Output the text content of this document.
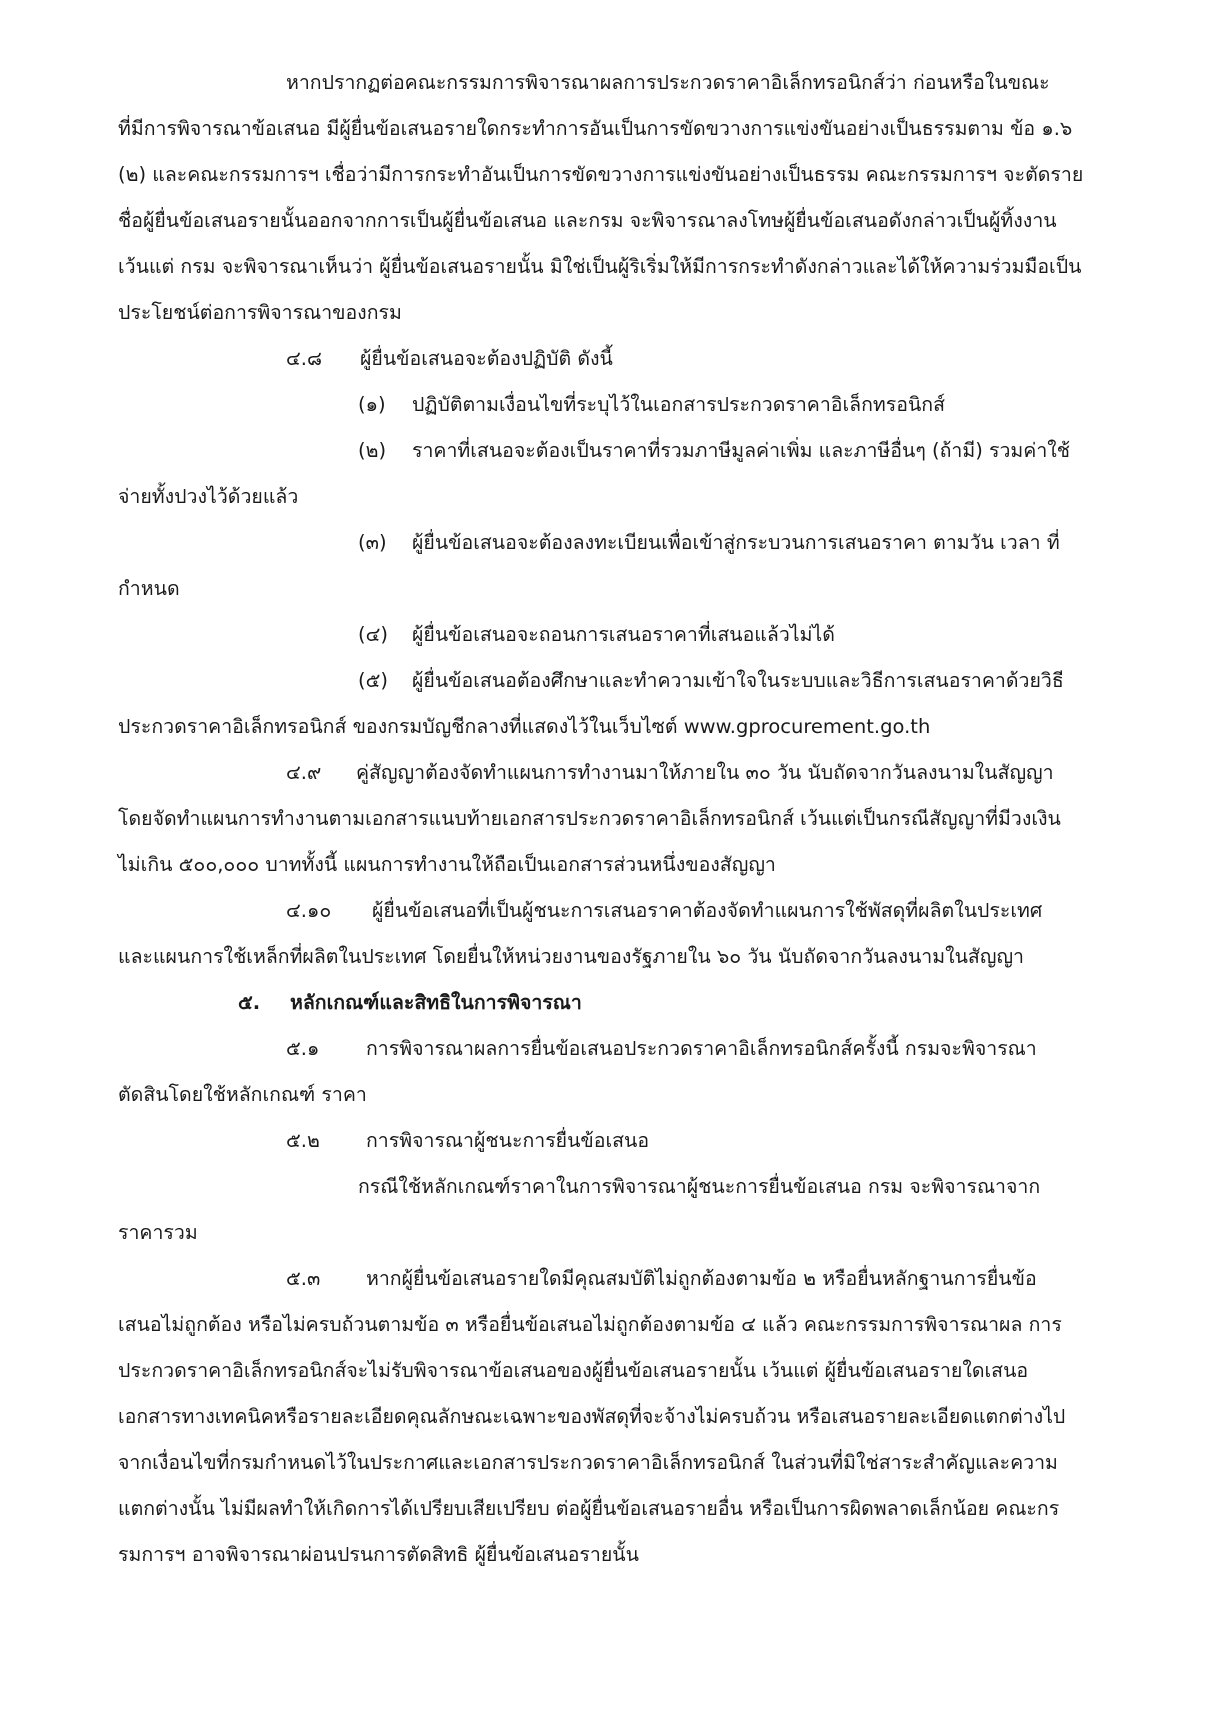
หากปรากฏต่อคณะกรรมการพิจารณาผลการประกวดราคาอิเล็กทรอนิกส์ว่า ก่อนหรือในขณะ
ที่มีการพิจารณาข้อเสนอ มีผู้ยื่นข้อเสนอรายใดกระทำการอันเป็นการขัดขวางการแข่งขันอย่างเป็นธรรมตาม ข้อ ๑.๖
(๒) และคณะกรรมการฯ เชื่อว่ามีการกระทำอันเป็นการขัดขวางการแข่งขันอย่างเป็นธรรม คณะกรรมการฯ จะตัดราย
ชื่อผู้ยื่นข้อเสนอรายนั้นออกจากการเป็นผู้ยื่นข้อเสนอ และกรม จะพิจารณาลงโทษผู้ยื่นข้อเสนอดังกล่าวเป็นผู้ทิ้งงาน
เว้นแต่ กรม จะพิจารณาเห็นว่า ผู้ยื่นข้อเสนอรายนั้น มิใช่เป็นผู้ริเริ่มให้มีการกระทำดังกล่าวและได้ให้ความร่วมมือเป็น
ประโยชน์ต่อการพิจารณาของกรม
๔.๘ ผู้ยื่นข้อเสนอจะต้องปฏิบัติ ดังนี้
(๑) ปฏิบัติตามเงื่อนไขที่ระบุไว้ในเอกสารประกวดราคาอิเล็กทรอนิกส์
(๒) ราคาที่เสนอจะต้องเป็นราคาที่รวมภาษีมูลค่าเพิ่ม และภาษีอื่นๆ (ถ้ามี) รวมค่าใช้
จ่ายทั้งปวงไว้ด้วยแล้ว
(๓) ผู้ยื่นข้อเสนอจะต้องลงทะเบียนเพื่อเข้าสู่กระบวนการเสนอราคา ตามวัน เวลา ที่
กำหนด
(๔) ผู้ยื่นข้อเสนอจะถอนการเสนอราคาที่เสนอแล้วไม่ได้
(๕) ผู้ยื่นข้อเสนอต้องศึกษาและทำความเข้าใจในระบบและวิธีการเสนอราคาด้วยวิธี
ประกวดราคาอิเล็กทรอนิกส์ ของกรมบัญชีกลางที่แสดงไว้ในเว็บไซต์ www.gprocurement.go.th
๔.๙ คู่สัญญาต้องจัดทำแผนการทำงานมาให้ภายใน ๓๐ วัน นับถัดจากวันลงนามในสัญญา
โดยจัดทำแผนการทำงานตามเอกสารแนบท้ายเอกสารประกวดราคาอิเล็กทรอนิกส์ เว้นแต่เป็นกรณีสัญญาที่มีวงเงิน
ไม่เกิน ๕๐๐,๐๐๐ บาททั้งนี้ แผนการทำงานให้ถือเป็นเอกสารส่วนหนึ่งของสัญญา
๔.๑๐ ผู้ยื่นข้อเสนอที่เป็นผู้ชนะการเสนอราคาต้องจัดทำแผนการใช้พัสดุที่ผลิตในประเทศ
และแผนการใช้เหล็กที่ผลิตในประเทศ โดยยื่นให้หน่วยงานของรัฐภายใน ๖๐ วัน นับถัดจากวันลงนามในสัญญา
๕. หลักเกณฑ์และสิทธิในการพิจารณา
๕.๑ การพิจารณาผลการยื่นข้อเสนอประกวดราคาอิเล็กทรอนิกส์ครั้งนี้ กรมจะพิจารณา
ตัดสินโดยใช้หลักเกณฑ์ ราคา
๕.๒ การพิจารณาผู้ชนะการยื่นข้อเสนอ
กรณีใช้หลักเกณฑ์ราคาในการพิจารณาผู้ชนะการยื่นข้อเสนอ กรม จะพิจารณาจาก
ราคารวม
๕.๓ หากผู้ยื่นข้อเสนอรายใดมีคุณสมบัติไม่ถูกต้องตามข้อ ๒ หรือยื่นหลักฐานการยื่นข้อ
เสนอไม่ถูกต้อง หรือไม่ครบถ้วนตามข้อ ๓ หรือยื่นข้อเสนอไม่ถูกต้องตามข้อ ๔ แล้ว คณะกรรมการพิจารณาผล การ
ประกวดราคาอิเล็กทรอนิกส์จะไม่รับพิจารณาข้อเสนอของผู้ยื่นข้อเสนอรายนั้น เว้นแต่ ผู้ยื่นข้อเสนอรายใดเสนอ
เอกสารทางเทคนิคหรือรายละเอียดคุณลักษณะเฉพาะของพัสดุที่จะจ้างไม่ครบถ้วน หรือเสนอรายละเอียดแตกต่างไป
จากเงื่อนไขที่กรมกำหนดไว้ในประกาศและเอกสารประกวดราคาอิเล็กทรอนิกส์ ในส่วนที่มิใช่สาระสำคัญและความ
แตกต่างนั้น ไม่มีผลทำให้เกิดการได้เปรียบเสียเปรียบ ต่อผู้ยื่นข้อเสนอรายอื่น หรือเป็นการผิดพลาดเล็กน้อย คณะกร
รมการฯ อาจพิจารณาผ่อนปรนการตัดสิทธิ ผู้ยื่นข้อเสนอรายนั้น
